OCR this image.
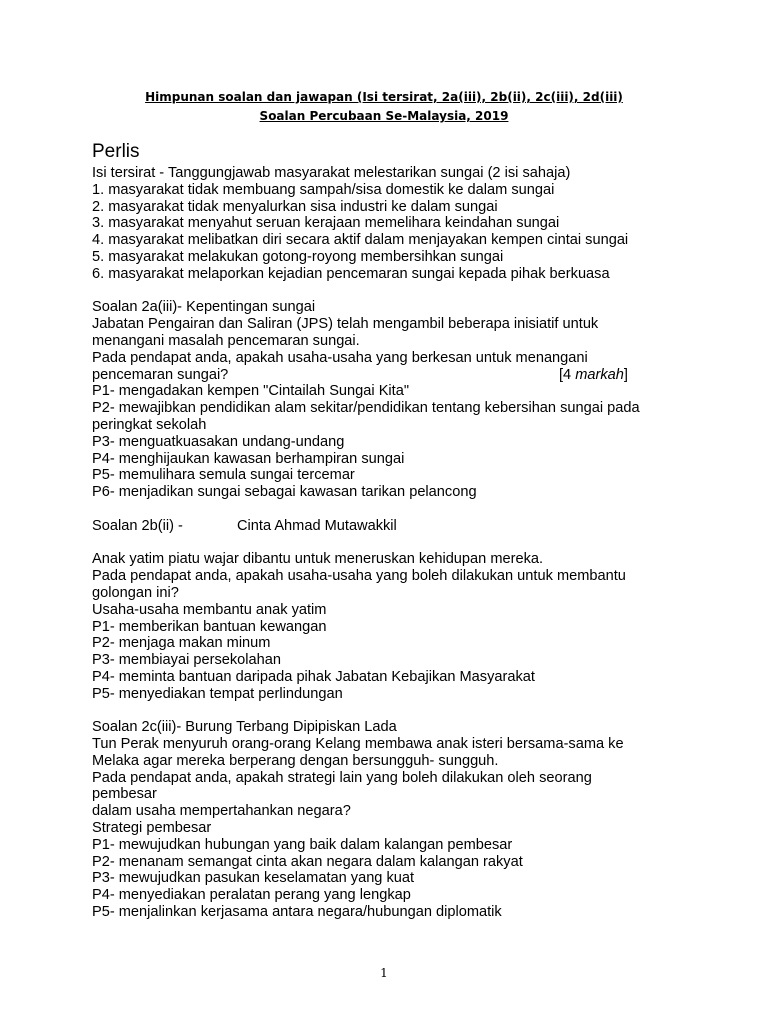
Himpunan soalan dan jawapan (Isi tersirat, 2a(iii), 2b(ii), 2c(iii), 2d(iii)
Soalan Percubaan Se-Malaysia, 2019
Perlis
Isi tersirat - Tanggungjawab masyarakat melestarikan sungai (2 isi sahaja)
1. masyarakat tidak membuang sampah/sisa domestik ke dalam sungai
2. masyarakat tidak menyalurkan sisa industri ke dalam sungai
3. masyarakat menyahut seruan kerajaan memelihara keindahan sungai
4. masyarakat melibatkan diri secara aktif dalam menjayakan kempen cintai sungai
5. masyarakat melakukan gotong-royong membersihkan sungai
6. masyarakat melaporkan kejadian pencemaran sungai kepada pihak berkuasa
Soalan 2a(iii)- Kepentingan sungai
Jabatan Pengairan dan Saliran (JPS) telah mengambil beberapa inisiatif untuk
menangani masalah pencemaran sungai.
Pada pendapat anda, apakah usaha-usaha yang berkesan untuk menangani
pencemaran sungai?	[4 markah]
P1- mengadakan kempen "Cintailah Sungai Kita"
P2- mewajibkan pendidikan alam sekitar/pendidikan tentang kebersihan sungai pada
peringkat sekolah
P3- menguatkuasakan undang-undang
P4- menghijaukan kawasan berhampiran sungai
P5- memulihara semula sungai tercemar
P6- menjadikan sungai sebagai kawasan tarikan pelancong
Soalan 2b(ii) -	Cinta Ahmad Mutawakkil
Anak yatim piatu wajar dibantu untuk meneruskan kehidupan mereka.
Pada pendapat anda, apakah usaha-usaha yang boleh dilakukan untuk membantu
golongan ini?
Usaha-usaha membantu anak yatim
P1- memberikan bantuan kewangan
P2- menjaga makan minum
P3- membiayai persekolahan
P4- meminta bantuan daripada pihak Jabatan Kebajikan Masyarakat
P5- menyediakan tempat perlindungan
Soalan 2c(iii)- Burung Terbang Dipipiskan Lada
Tun Perak menyuruh orang-orang Kelang membawa anak isteri bersama-sama ke
Melaka agar mereka berperang dengan bersungguh- sungguh.
Pada pendapat anda, apakah strategi lain yang boleh dilakukan oleh seorang
pembesar
dalam usaha mempertahankan negara?
Strategi pembesar
P1- mewujudkan hubungan yang baik dalam kalangan pembesar
P2- menanam semangat cinta akan negara dalam kalangan rakyat
P3- mewujudkan pasukan keselamatan yang kuat
P4- menyediakan peralatan perang yang lengkap
P5- menjalinkan kerjasama antara negara/hubungan diplomatik
1
